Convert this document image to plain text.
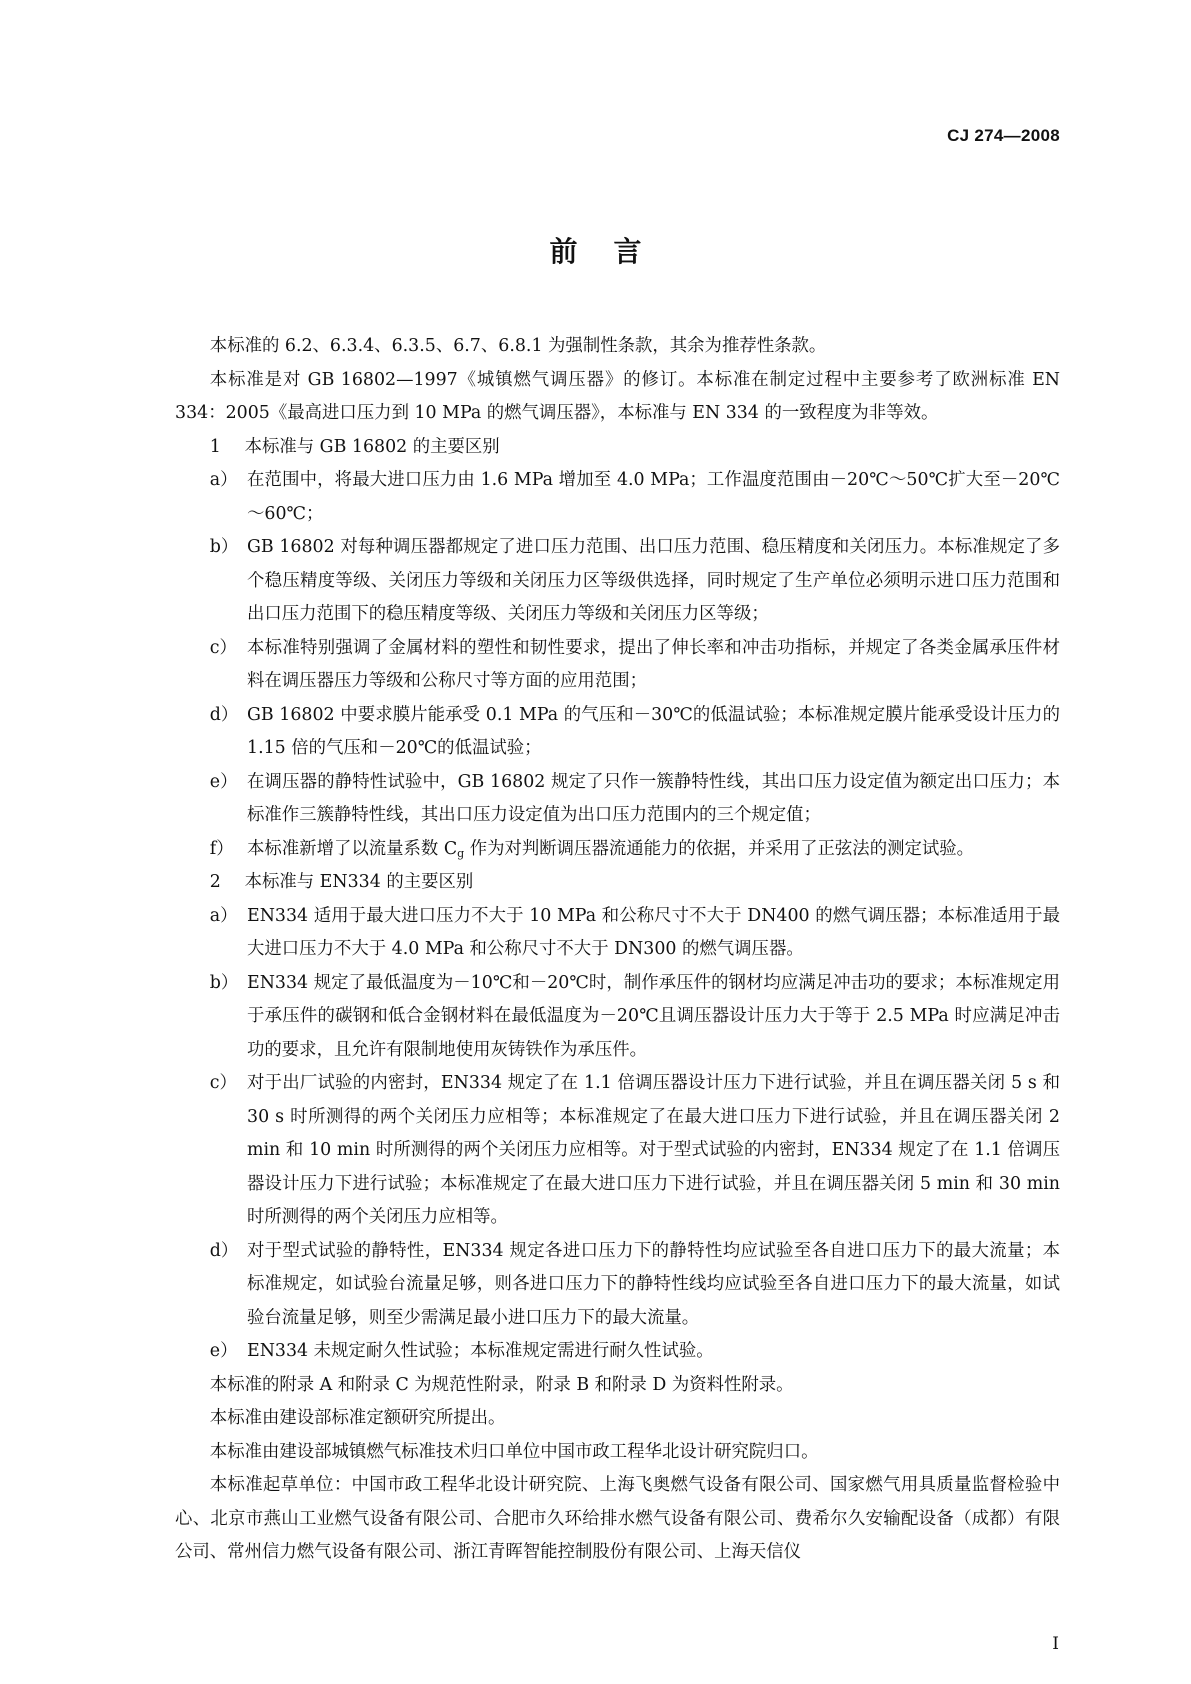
CJ 274—2008
前言

本标准的 6.2、6.3.4、6.3.5、6.7、6.8.1 为强制性条款，其余为推荐性条款。

本标准是对 GB 16802—1997《城镇燃气调压器》的修订。本标准在制定过程中主要参考了欧洲标准 EN 334：2005《最高进口压力到 10 MPa 的燃气调压器》，本标准与 EN 334 的一致程度为非等效。

1 本标准与 GB 16802 的主要区别

a） 在范围中，将最大进口压力由 1.6 MPa 增加至 4.0 MPa；工作温度范围由－20℃～50℃扩大至－20℃～60℃；

b） GB 16802 对每种调压器都规定了进口压力范围、出口压力范围、稳压精度和关闭压力。本标准规定了多个稳压精度等级、关闭压力等级和关闭压力区等级供选择，同时规定了生产单位必须明示进口压力范围和出口压力范围下的稳压精度等级、关闭压力等级和关闭压力区等级；

c） 本标准特别强调了金属材料的塑性和韧性要求，提出了伸长率和冲击功指标，并规定了各类金属承压件材料在调压器压力等级和公称尺寸等方面的应用范围；

d） GB 16802 中要求膜片能承受 0.1 MPa 的气压和－30℃的低温试验；本标准规定膜片能承受设计压力的 1.15 倍的气压和－20℃的低温试验；

e） 在调压器的静特性试验中，GB 16802 规定了只作一簇静特性线，其出口压力设定值为额定出口压力；本标准作三簇静特性线，其出口压力设定值为出口压力范围内的三个规定值；

f） 本标准新增了以流量系数 $C_g$ 作为对判断调压器流通能力的依据，并采用了正弦法的测定试验。

2 本标准与 EN334 的主要区别

a） EN334 适用于最大进口压力不大于 10 MPa 和公称尺寸不大于 DN400 的燃气调压器；本标准适用于最大进口压力不大于 4.0 MPa 和公称尺寸不大于 DN300 的燃气调压器。

b） EN334 规定了最低温度为－10℃和－20℃时，制作承压件的钢材均应满足冲击功的要求；本标准规定用于承压件的碳钢和低合金钢材料在最低温度为－20℃且调压器设计压力大于等于 2.5 MPa 时应满足冲击功的要求，且允许有限制地使用灰铸铁作为承压件。

c） 对于出厂试验的内密封，EN334 规定了在 1.1 倍调压器设计压力下进行试验，并且在调压器关闭 5 s 和 30 s 时所测得的两个关闭压力应相等；本标准规定了在最大进口压力下进行试验，并且在调压器关闭 2 min 和 10 min 时所测得的两个关闭压力应相等。对于型式试验的内密封，EN334 规定了在 1.1 倍调压器设计压力下进行试验；本标准规定了在最大进口压力下进行试验，并且在调压器关闭 5 min 和 30 min 时所测得的两个关闭压力应相等。

d） 对于型式试验的静特性，EN334 规定各进口压力下的静特性均应试验至各自进口压力下的最大流量；本标准规定，如试验台流量足够，则各进口压力下的静特性线均应试验至各自进口压力下的最大流量，如试验台流量足够，则至少需满足最小进口压力下的最大流量。

e） EN334 未规定耐久性试验；本标准规定需进行耐久性试验。

本标准的附录 A 和附录 C 为规范性附录，附录 B 和附录 D 为资料性附录。

本标准由建设部标准定额研究所提出。

本标准由建设部城镇燃气标准技术归口单位中国市政工程华北设计研究院归口。

本标准起草单位：中国市政工程华北设计研究院、上海飞奥燃气设备有限公司、国家燃气用具质量监督检验中心、北京市燕山工业燃气设备有限公司、合肥市久环给排水燃气设备有限公司、费希尔久安输配设备（成都）有限公司、常州信力燃气设备有限公司、浙江青晖智能控制股份有限公司、上海天信仪

I
